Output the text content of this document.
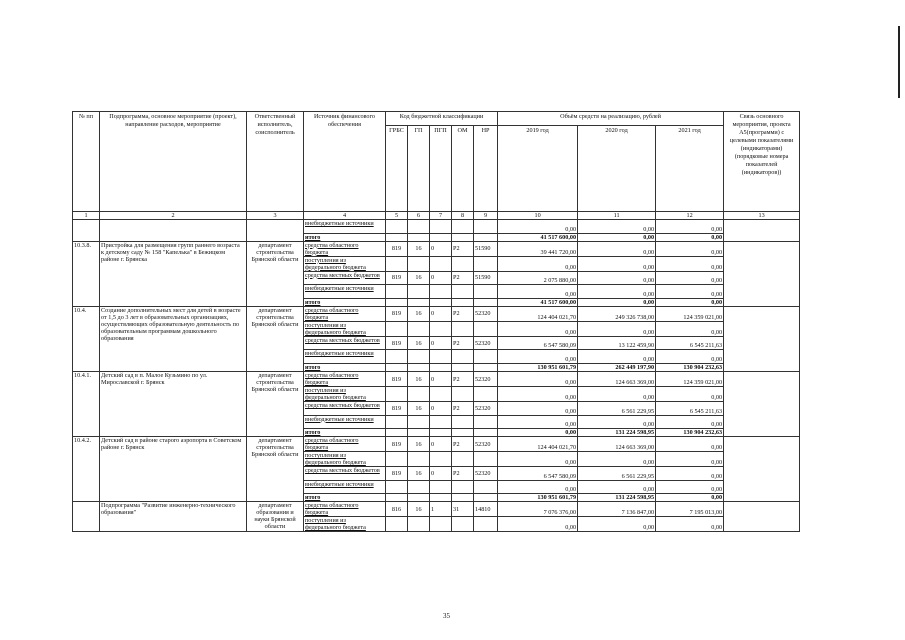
№ пп	Подпрограмма, основное мероприятие (проект), направление расходов, мероприятие	Ответственный исполнитель, соисполнитель	Источник финансового обеспечения	Код бюджетной классификации					Объём средств на реализацию, рублей			Связь основного мероприятия, проекта А5(программи) с целевыми показателями (индикаторами) (порядковые номера показателей (индикаторов))
				ГРБС	ГП	ПГП	ОМ	НР	2019 год	2020 год	2021 год	
1	2	3	4	5	6	7	8	9	10	11	12	13
			внебюджетные источники						0,00	0,00	0,00	
			итого						41 517 600,00	0,00	0,00	
10.3.8.	Пристройка для размещения групп раннего возраста к детскому саду № 158 "Капелька" в Бежицком районе г. Брянска	департамент строительства Брянской области	средства областного бюджета	819	16	0	P2	51590	39 441 720,00	0,00	0,00	
			поступления из федерального бюджета						0,00	0,00	0,00	
			средства местных бюджетов	819	16	0	P2	51590	2 075 880,00	0,00	0,00	
			внебюджетные источники						0,00	0,00	0,00	
			итого						41 517 600,00	0,00	0,00	
10.4.	Создание дополнительных мест для детей в возрасте от 1,5 до 3 лет в образовательных организациях, осуществляющих образовательную деятельность по образовательным программам дошкольного образования	департамент строительства Брянской области	средства областного бюджета	819	16	0	P2	52320	124 404 021,70	249 326 738,00	124 359 021,00	
			поступления из федерального бюджета						0,00	0,00	0,00	
			средства местных бюджетов	819	16	0	P2	52320	6 547 580,09	13 122 459,90	6 545 211,63	
			внебюджетные источники						0,00	0,00	0,00	
			итого						130 951 601,79	262 449 197,90	130 904 232,63	
10.4.1.	Детский сад в п. Малое Кузьмино по ул. Мирославской г. Брянск	департамент строительства Брянской области	средства областного бюджета	819	16	0	P2	52320	0,00	124 663 369,00	124 359 021,00	
			поступления из федерального бюджета						0,00	0,00	0,00	
			средства местных бюджетов	819	16	0	P2	52320	0,00	6 561 229,95	6 545 211,63	
			внебюджетные источники						0,00	0,00	0,00	
			итого						0,00	131 224 598,95	130 904 232,63	
10.4.2.	Детский сад в районе старого аэропорта в Советском районе г. Брянск	департамент строительства Брянской области	средства областного бюджета	819	16	0	P2	52320	124 404 021,70	124 663 369,00	0,00	
			поступления из федерального бюджета						0,00	0,00	0,00	
			средства местных бюджетов	819	16	0	P2	52320	6 547 580,09	6 561 229,95	0,00	
			внебюджетные источники						0,00	0,00	0,00	
			итого						130 951 601,79	131 224 598,95	0,00	
	Подпрограмма "Развитие инженерно-технического образования"	департамент образования и науки Брянской области	средства областного бюджета	816	16	1	31	14810	7 076 376,00	7 136 847,00	7 195 013,00	
			поступления из федерального бюджета						0,00	0,00	0,00	
35
